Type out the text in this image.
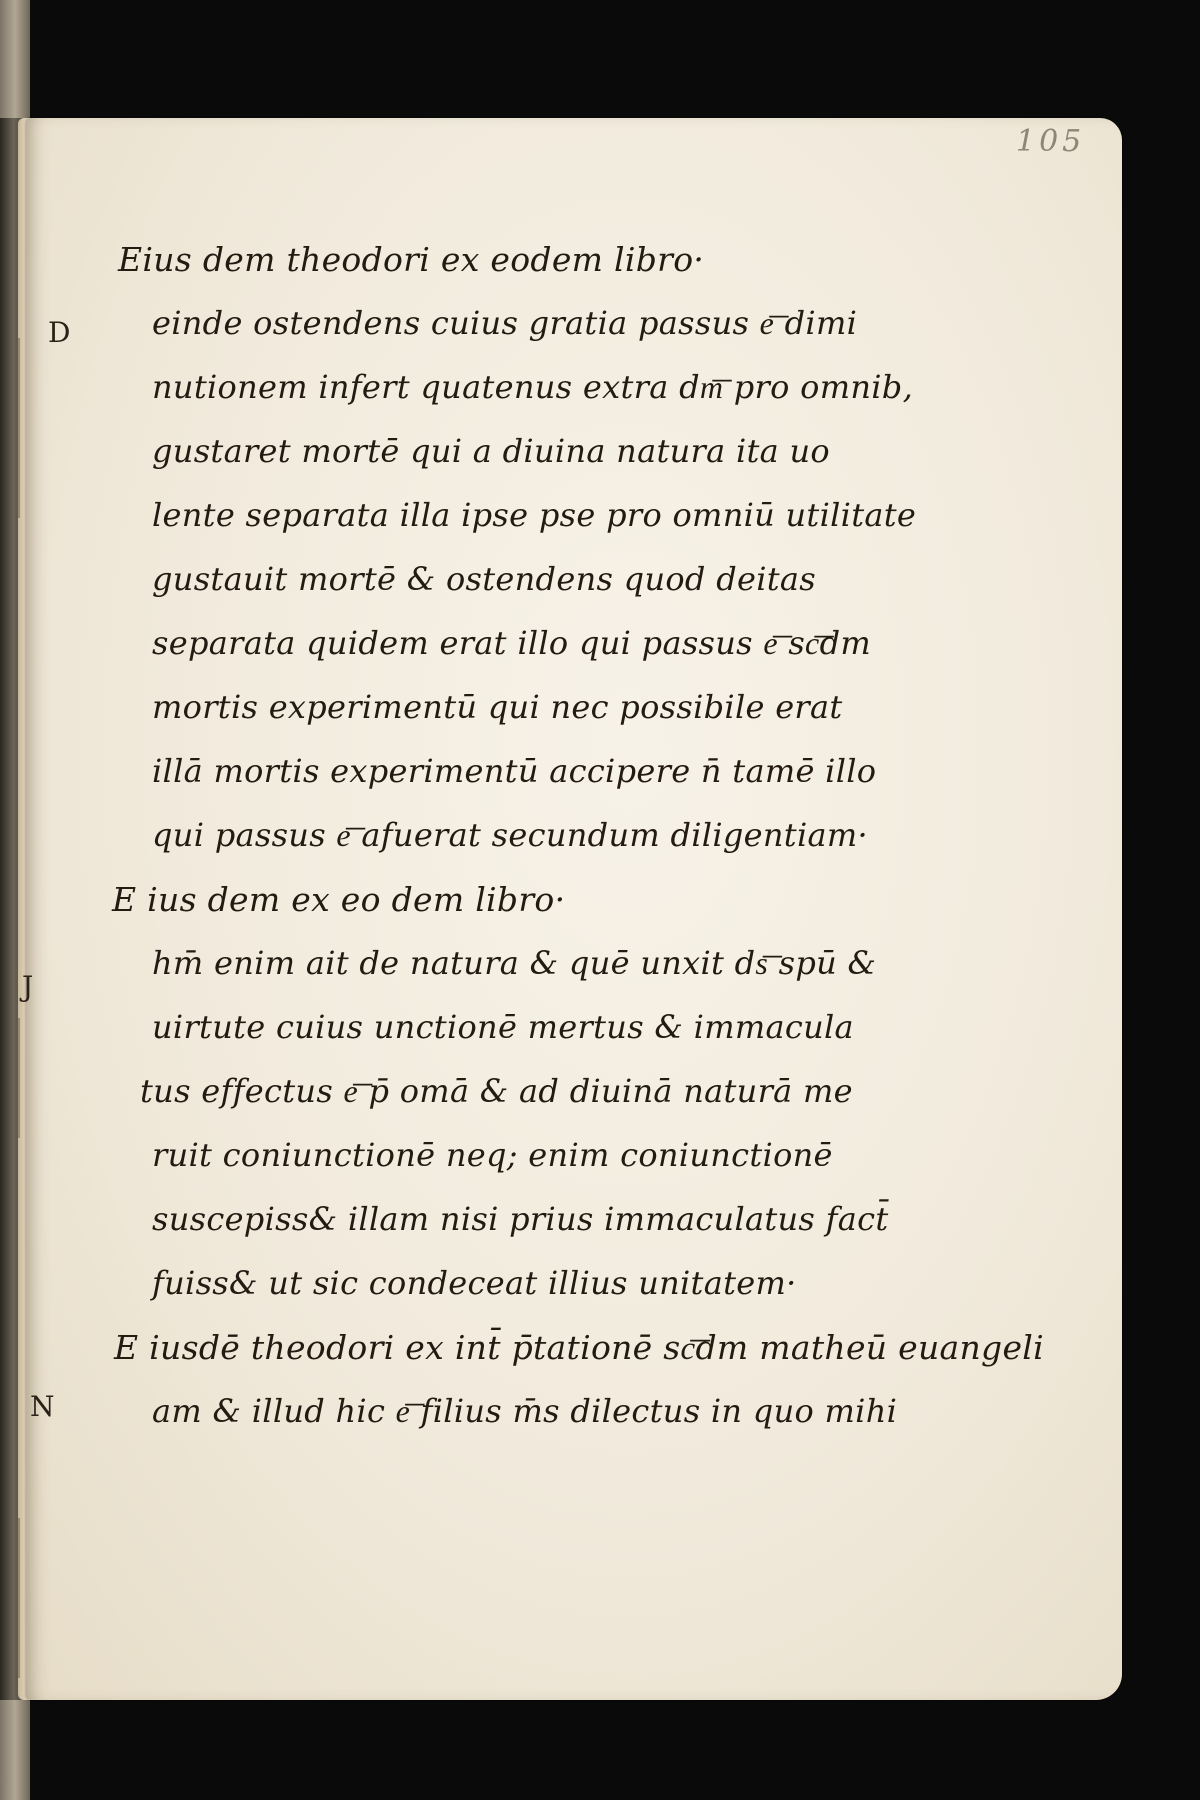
105
D
J
N
Eius dem theodori ex eodem libro·
einde ostendens cuius gratia passus e͞ dimi
nutionem infert quatenus extra dm͞ pro omnib,
gustaret mortē qui a diuina natura ita uo
lente separata illa ipse pse pro omniū utilitate
gustauit mortē & ostendens quod deitas
separata quidem erat illo qui passus e͞ sc͞dm
mortis experimentū qui nec possibile erat
illā mortis experimentū accipere n̄ tamē illo
qui passus e͞ afuerat secundum diligentiam·
E ius dem ex eo dem libro·
hm̄ enim ait de natura & quē unxit ds͞ spū &
uirtute cuius unctionē mertus & immacula
tus effectus e͞ p̄ omā & ad diuinā naturā me
ruit coniunctionē neq; enim coniunctionē
suscepiss& illam nisi prius immaculatus fact̄
fuiss& ut sic condeceat illius unitatem·
E iusdē theodori ex int̄ p̄tationē sc͞dm matheū euangeli
am & illud hic e͞ filius m̄s dilectus in quo mihi
